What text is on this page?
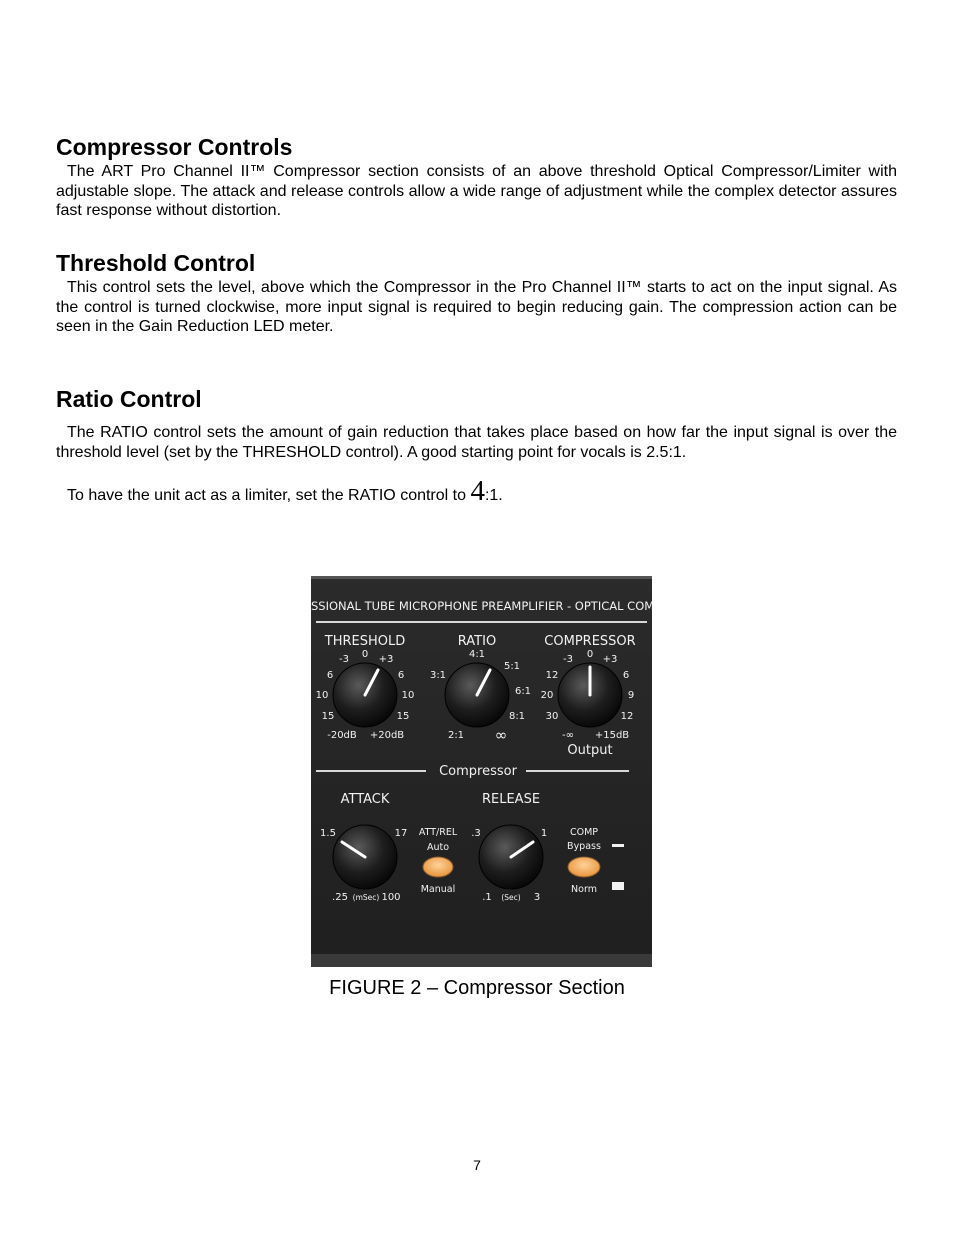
Compressor Controls

The ART Pro Channel II™ Compressor section consists of an above threshold Optical Compressor/Limiter with adjustable slope. The attack and release controls allow a wide range of adjustment while the complex detector assures fast response without distortion.

Threshold Control

This control sets the level, above which the Compressor in the Pro Channel II™ starts to act on the input signal. As the control is turned clockwise, more input signal is required to begin reducing gain. The compression action can be seen in the Gain Reduction LED meter.

Ratio Control

The RATIO control sets the amount of gain reduction that takes place based on how far the input signal is over the threshold level (set by the THRESHOLD control). A good starting point for vocals is 2.5:1.

To have the unit act as a limiter, set the RATIO control to 4:1.

SSIONAL TUBE MICROPHONE PREAMPLIFIER - OPTICAL COM
THRESHOLD
-3 0 +3
6	6
10	10
15	15
-20dB +20dB
RATIO
4:1
3:1
5:1
6:1
8:1
2:1 ∞
COMPRESSOR
-3 0 +3
12	6
20	9
30	12
-∞ +15dB
Output
Compressor
ATTACK
1.5	17
.25 (mSec) 100
ATT/REL
Auto
Manual
RELEASE
.3	1
.1 (Sec) 3
COMP
Bypass
Norm
FIGURE 2 – Compressor Section
7
